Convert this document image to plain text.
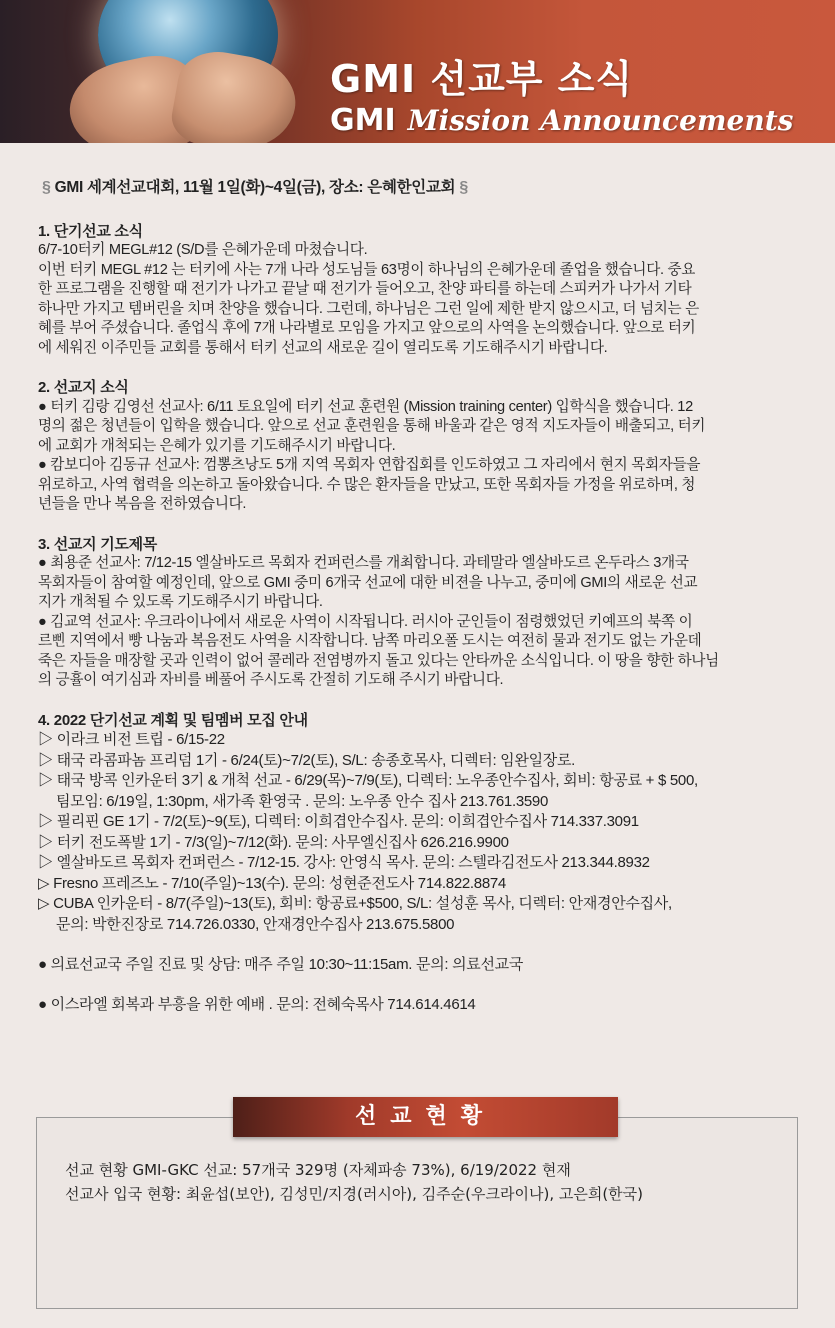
GMI 선교부 소식
GMI Mission Announcements
§ GMI 세계선교대회, 11월 1일(화)~4일(금), 장소: 은혜한인교회 §
1. 단기선교 소식
6/7-10터키 MEGL#12 (S/D를 은혜가운데 마쳤습니다.
이번 터키 MEGL #12 는 터키에 사는 7개 나라 성도님들 63명이 하나님의 은혜가운데 졸업을 했습니다. 중요
한 프로그램을 진행할 때 전기가 나가고 끝날 때 전기가 들어오고, 찬양 파티를 하는데 스피커가 나가서 기타
하나만 가지고 템버린을 치며 찬양을 했습니다. 그런데, 하나님은 그런 일에 제한 받지 않으시고, 더 넘치는 은
혜를 부어 주셨습니다. 졸업식 후에 7개 나라별로 모임을 가지고 앞으로의 사역을 논의했습니다. 앞으로 터키
에 세워진 이주민들 교회를 통해서 터키 선교의 새로운 길이 열리도록 기도해주시기 바랍니다.
2. 선교지 소식
● 터키 김랑 김영선 선교사: 6/11 토요일에 터키 선교 훈련원 (Mission training center) 입학식을 했습니다. 12
명의 젊은 청년들이 입학을 했습니다. 앞으로 선교 훈련원을 통해 바울과 같은 영적 지도자들이 배출되고, 터키
에 교회가 개척되는 은혜가 있기를 기도해주시기 바랍니다.
● 캄보디아 김동규 선교사: 껌뽕츠낭도 5개 지역 목회자 연합집회를 인도하였고 그 자리에서 현지 목회자들을
위로하고, 사역 협력을 의논하고 돌아왔습니다. 수 많은 환자들을 만났고, 또한 목회자들 가정을 위로하며, 청
년들을 만나 복음을 전하였습니다.
3. 선교지 기도제목
● 최용준 선교사: 7/12-15 엘살바도르 목회자 컨퍼런스를 개최합니다. 과테말라 엘살바도르 온두라스 3개국
목회자들이 참여할 예정인데, 앞으로 GMI 중미 6개국 선교에 대한 비젼을 나누고, 중미에 GMI의 새로운 선교
지가 개척될 수 있도록 기도해주시기 바랍니다.
● 김교역 선교사: 우크라이나에서 새로운 사역이 시작됩니다. 러시아 군인들이 점령했었던 키예프의 북쪽 이
르삔 지역에서 빵 나눔과 복음전도 사역을 시작합니다. 남쪽 마리오폴 도시는 여전히 물과 전기도 없는 가운데
죽은 자들을 매장할 곳과 인력이 없어 콜레라 전염병까지 돌고 있다는 안타까운 소식입니다. 이 땅을 향한 하나님
의 긍휼이 여기심과 자비를 베풀어 주시도록 간절히 기도해 주시기 바랍니다.
4. 2022 단기선교 계획 및 팀멤버 모집 안내
▷ 이라크 비전 트립 - 6/15-22
▷ 태국 라콤파놈 프리덤 1기 - 6/24(토)~7/2(토), S/L: 송종호목사, 디렉터: 임완일장로.
▷ 태국 방콕 인카운터 3기 & 개척 선교 - 6/29(목)~7/9(토), 디렉터: 노우종안수집사, 회비: 항공료 + $ 500,
팀모임: 6/19일, 1:30pm, 새가족 환영국 . 문의: 노우종 안수 집사 213.761.3590
▷ 필리핀 GE 1기 - 7/2(토)~9(토), 디렉터: 이희겹안수집사. 문의: 이희겹안수집사 714.337.3091
▷ 터키 전도폭발 1기 - 7/3(일)~7/12(화). 문의: 사무엘신집사 626.216.9900
▷ 엘살바도르 목회자 컨퍼런스 - 7/12-15. 강사: 안영식 목사. 문의: 스텔라김전도사 213.344.8932
▷ Fresno 프레즈노 - 7/10(주일)~13(수). 문의: 성현준전도사 714.822.8874
▷ CUBA 인카운터 - 8/7(주일)~13(토), 회비: 항공료+$500, S/L: 설성훈 목사, 디렉터: 안재경안수집사,
문의: 박한진장로 714.726.0330, 안재경안수집사 213.675.5800
● 의료선교국 주일 진료 및 상담: 매주 주일 10:30~11:15am. 문의: 의료선교국
● 이스라엘 회복과 부흥을 위한 예배 . 문의: 전혜숙목사 714.614.4614
선교현황
선교 현황 GMI-GKC 선교: 57개국 329명 (자체파송 73%), 6/19/2022 현재
선교사 입국 현황: 최윤섭(보안), 김성민/지경(러시아), 김주순(우크라이나), 고은희(한국)
